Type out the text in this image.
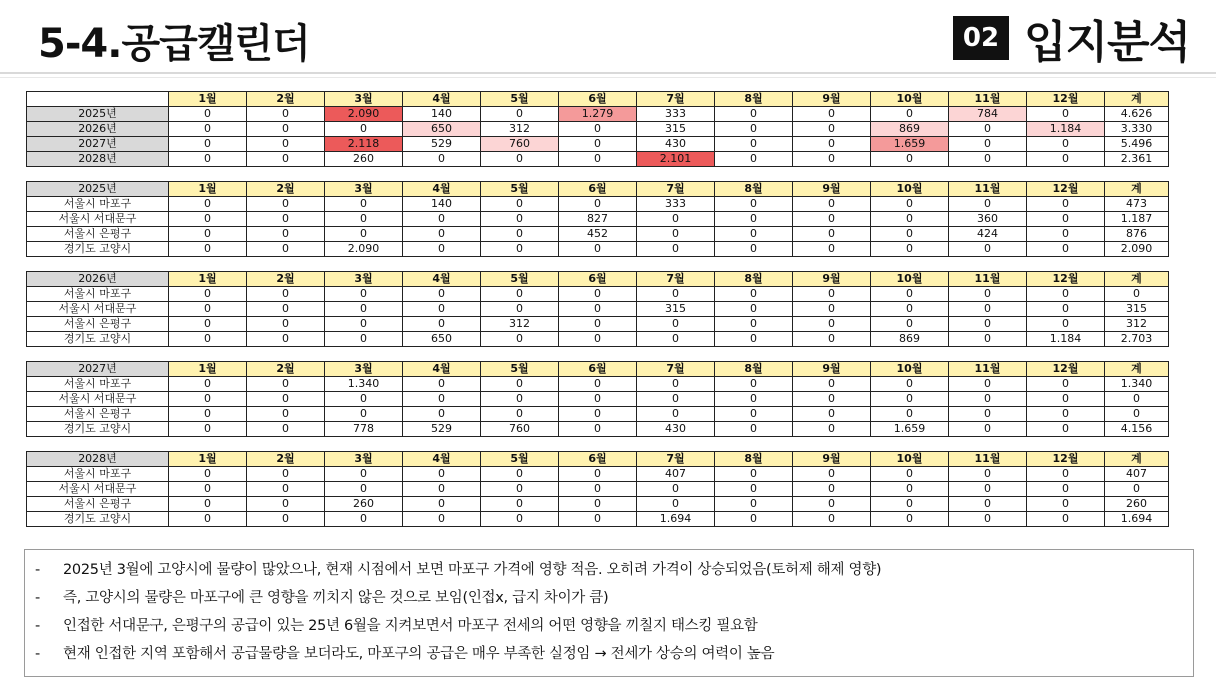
5-4.공급캘린더	02 입지분석
	1월	2월	3월	4월	5월	6월	7월	8월	9월	10월	11월	12월	계
2025년	0	0	2.090	140	0	1.279	333	0	0	0	784	0	4.626
2026년	0	0	0	650	312	0	315	0	0	869	0	1.184	3.330
2027년	0	0	2.118	529	760	0	430	0	0	1.659	0	0	5.496
2028년	0	0	260	0	0	0	2.101	0	0	0	0	0	2.361

2025년	1월	2월	3월	4월	5월	6월	7월	8월	9월	10월	11월	12월	계
서울시 마포구	0	0	0	140	0	0	333	0	0	0	0	0	473
서울시 서대문구	0	0	0	0	0	827	0	0	0	0	360	0	1.187
서울시 은평구	0	0	0	0	0	452	0	0	0	0	424	0	876
경기도 고양시	0	0	2.090	0	0	0	0	0	0	0	0	0	2.090

2026년	1월	2월	3월	4월	5월	6월	7월	8월	9월	10월	11월	12월	계
서울시 마포구	0	0	0	0	0	0	0	0	0	0	0	0	0
서울시 서대문구	0	0	0	0	0	0	315	0	0	0	0	0	315
서울시 은평구	0	0	0	0	312	0	0	0	0	0	0	0	312
경기도 고양시	0	0	0	650	0	0	0	0	0	869	0	1.184	2.703

2027년	1월	2월	3월	4월	5월	6월	7월	8월	9월	10월	11월	12월	계
서울시 마포구	0	0	1.340	0	0	0	0	0	0	0	0	0	1.340
서울시 서대문구	0	0	0	0	0	0	0	0	0	0	0	0	0
서울시 은평구	0	0	0	0	0	0	0	0	0	0	0	0	0
경기도 고양시	0	0	778	529	760	0	430	0	0	1.659	0	0	4.156

2028년	1월	2월	3월	4월	5월	6월	7월	8월	9월	10월	11월	12월	계
서울시 마포구	0	0	0	0	0	0	407	0	0	0	0	0	407
서울시 서대문구	0	0	0	0	0	0	0	0	0	0	0	0	0
서울시 은평구	0	0	260	0	0	0	0	0	0	0	0	0	260
경기도 고양시	0	0	0	0	0	0	1.694	0	0	0	0	0	1.694
-	2025년 3월에 고양시에 물량이 많았으나, 현재 시점에서 보면 마포구 가격에 영향 적음. 오히려 가격이 상승되었음(토허제 해제 영향)
-	즉, 고양시의 물량은 마포구에 큰 영향을 끼치지 않은 것으로 보임(인접x, 급지 차이가 큼)
-	인접한 서대문구, 은평구의 공급이 있는 25년 6월을 지켜보면서 마포구 전세의 어떤 영향을 끼칠지 태스킹 필요함
-	현재 인접한 지역 포함해서 공급물량을 보더라도, 마포구의 공급은 매우 부족한 실정임 → 전세가 상승의 여력이 높음
